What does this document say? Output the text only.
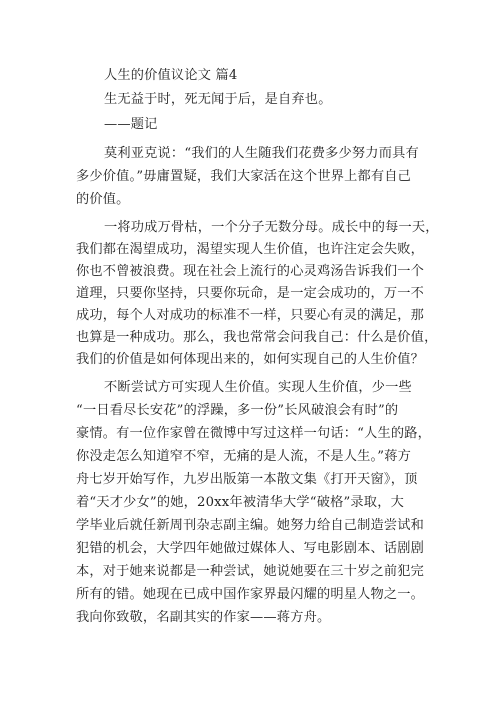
人生的价值议论文 篇4
生无益于时，死无闻于后，是自弃也。
——题记
莫利亚克说：“我们的人生随我们花费多少努力而具有
多少价值。”毋庸置疑，我们大家活在这个世界上都有自己
的价值。
一将功成万骨枯，一个分子无数分母。成长中的每一天，
我们都在渴望成功，渴望实现人生价值，也许注定会失败，
你也不曾被浪费。现在社会上流行的心灵鸡汤告诉我们一个
道理，只要你坚持，只要你玩命，是一定会成功的，万一不
成功，每个人对成功的标准不一样，只要心有灵的满足，那
也算是一种成功。那么，我也常常会问我自己：什么是价值，
我们的价值是如何体现出来的，如何实现自己的人生价值？
不断尝试方可实现人生价值。实现人生价值，少一些
“一日看尽长安花”的浮躁，多一份”长风破浪会有时”的
豪情。有一位作家曾在微博中写过这样一句话：“人生的路，
你没走怎么知道窄不窄，无痛的是人流，不是人生。”蒋方
舟七岁开始写作，九岁出版第一本散文集《打开天窗》，顶
着“天才少女”的她，20xx年被清华大学“破格”录取，大
学毕业后就任新周刊杂志副主编。她努力给自己制造尝试和
犯错的机会，大学四年她做过媒体人、写电影剧本、话剧剧
本，对于她来说都是一种尝试，她说她要在三十岁之前犯完
所有的错。她现在已成中国作家界最闪耀的明星人物之一。
我向你致敬，名副其实的作家——蒋方舟。
